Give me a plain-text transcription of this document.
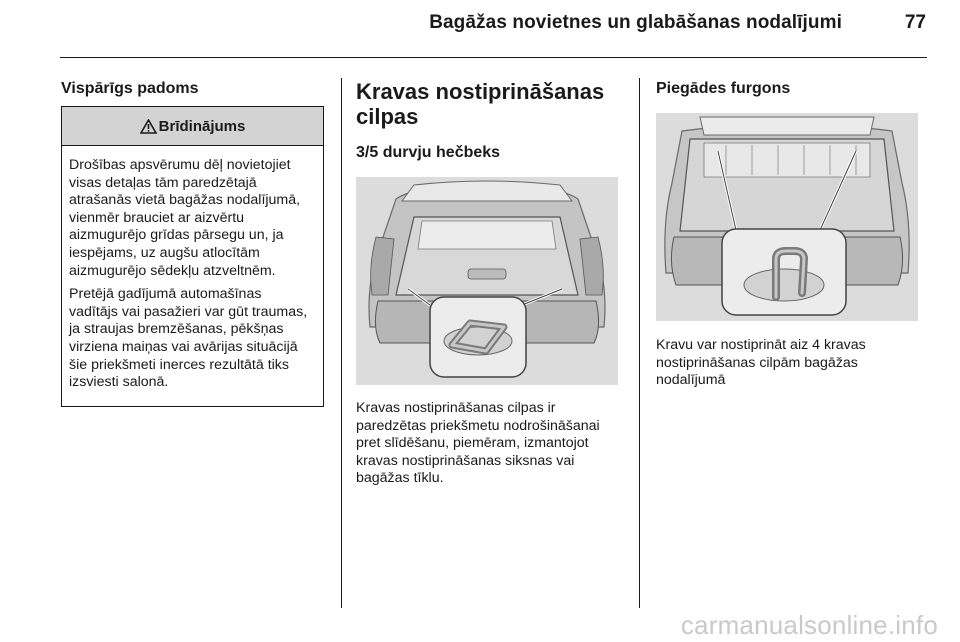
Bagāžas novietnes un glabāšanas nodalījumi	77
Vispārīgs padoms
Brīdinājums

Drošības apsvērumu dēļ novietojiet visas detaļas tām paredzētajā atrašanās vietā bagāžas nodalījumā, vienmēr brauciet ar aizvērtu aizmugurējo grīdas pārsegu un, ja iespējams, uz augšu atlocītām aizmugurējo sēdekļu atzveltnēm.

Pretējā gadījumā automašīnas vadītājs vai pasažieri var gūt traumas, ja straujas bremzēšanas, pēkšņas virziena maiņas vai avārijas situācijā šie priekšmeti inerces rezultātā tiks izsviesti salonā.

Kravas nostiprināšanas cilpas
3/5 durvju hečbeks

Kravas nostiprināšanas cilpas ir paredzētas priekšmetu nodrošināšanai pret slīdēšanu, piemēram, izmantojot kravas nostiprināšanas siksnas vai bagāžas tīklu.

Piegādes furgons

Kravu var nostiprināt aiz 4 kravas nostiprināšanas cilpām bagāžas nodalījumā

carmanualsonline.info
